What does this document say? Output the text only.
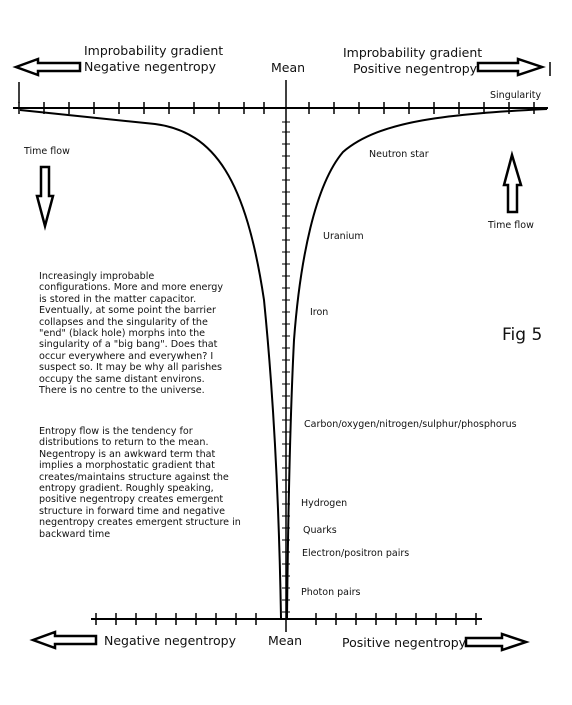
Improbability gradient

Negative negentropy	Mean

Improbability gradient

Positive negentropy

Singularity

Time flow

Time flow

Neutron star

Uranium

Iron

Carbon/oxygen/nitrogen/sulphur/phosphorus

Hydrogen

Quarks

Electron/positron pairs

Photon pairs

Fig 5

Increasingly improbable
configurations. More and more energy
is stored in the matter capacitor.
Eventually, at some point the barrier
collapses and the singularity of the
"end" (black hole) morphs into the
singularity of a "big bang". Does that
occur everywhere and everywhen? I
suspect so. It may be why all parishes
occupy the same distant environs.
There is no centre to the universe.

Entropy flow is the tendency for
distributions to return to the mean.
Negentropy is an awkward term that
implies a morphostatic gradient that
creates/maintains structure against the
entropy gradient. Roughly speaking,
positive negentropy creates emergent
structure in forward time and negative
negentropy creates emergent structure in
backward time

Negative negentropy	Mean	Positive negentropy
